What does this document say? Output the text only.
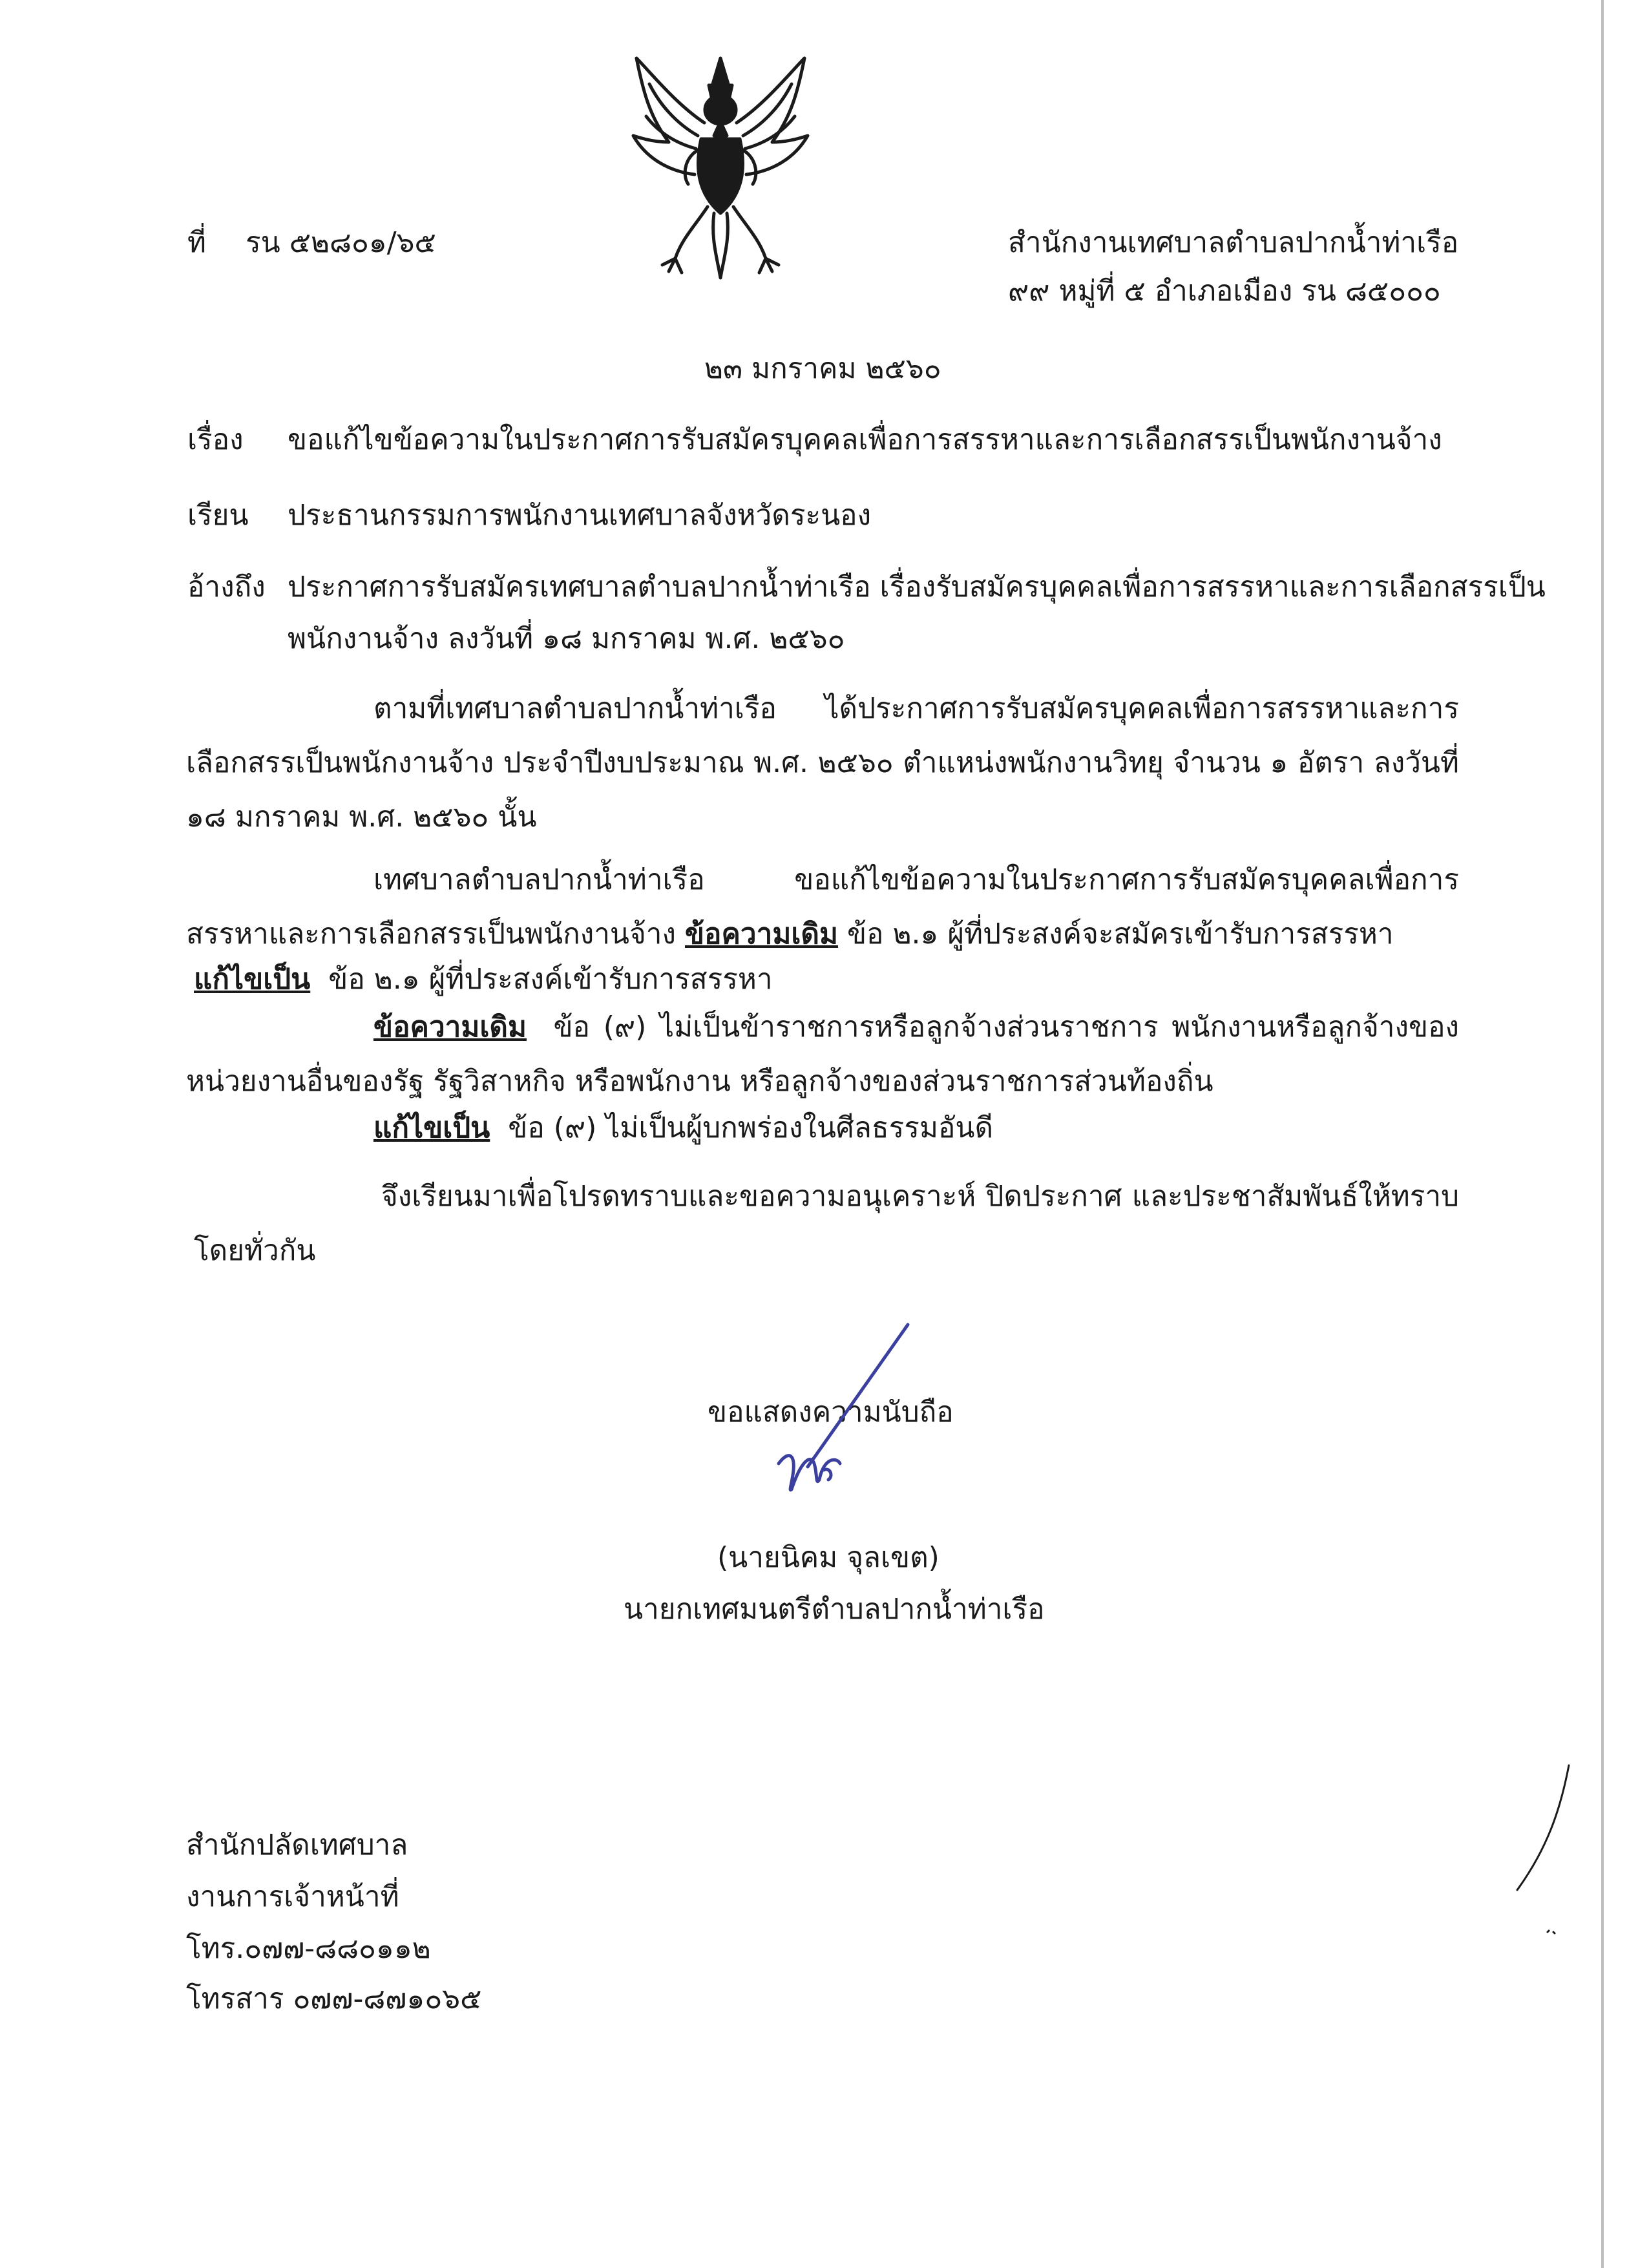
ที่ รน ๕๒๘๐๑/๖๕	สำนักงานเทศบาลตำบลปากน้ำท่าเรือ
๙๙ หมู่ที่ ๕ อำเภอเมือง รน ๘๕๐๐๐
๒๓ มกราคม ๒๕๖๐
เรื่อง ขอแก้ไขข้อความในประกาศการรับสมัครบุคคลเพื่อการสรรหาและการเลือกสรรเป็นพนักงานจ้าง
เรียน ประธานกรรมการพนักงานเทศบาลจังหวัดระนอง
อ้างถึง ประกาศการรับสมัครเทศบาลตำบลปากน้ำท่าเรือ เรื่องรับสมัครบุคคลเพื่อการสรรหาและการเลือกสรรเป็น
พนักงานจ้าง ลงวันที่ ๑๘ มกราคม พ.ศ. ๒๕๖๐
ตามที่เทศบาลตำบลปากน้ำท่าเรือ ได้ประกาศการรับสมัครบุคคลเพื่อการสรรหาและการเลือกสรรเป็นพนักงานจ้าง ประจำปีงบประมาณ พ.ศ. ๒๕๖๐ ตำแหน่งพนักงานวิทยุ จำนวน ๑ อัตรา ลงวันที่ ๑๘ มกราคม พ.ศ. ๒๕๖๐ นั้น
เทศบาลตำบลปากน้ำท่าเรือ ขอแก้ไขข้อความในประกาศการรับสมัครบุคคลเพื่อการสรรหาและการเลือกสรรเป็นพนักงานจ้าง ข้อความเดิม ข้อ ๒.๑ ผู้ที่ประสงค์จะสมัครเข้ารับการสรรหา
แก้ไขเป็น ข้อ ๒.๑ ผู้ที่ประสงค์เข้ารับการสรรหา
ข้อความเดิม ข้อ (๙) ไม่เป็นข้าราชการหรือลูกจ้างส่วนราชการ พนักงานหรือลูกจ้างของหน่วยงานอื่นของรัฐ รัฐวิสาหกิจ หรือพนักงาน หรือลูกจ้างของส่วนราชการส่วนท้องถิ่น
แก้ไขเป็น ข้อ (๙) ไม่เป็นผู้บกพร่องในศีลธรรมอันดี
จึงเรียนมาเพื่อโปรดทราบและขอความอนุเคราะห์ ปิดประกาศ และประชาสัมพันธ์ให้ทราบ โดยทั่วกัน
ขอแสดงความนับถือ
(นายนิคม จุลเขต)
นายกเทศมนตรีตำบลปากน้ำท่าเรือ
สำนักปลัดเทศบาล
งานการเจ้าหน้าที่
โทร.๐๗๗-๘๘๐๑๑๒
โทรสาร ๐๗๗-๘๗๑๐๖๕
